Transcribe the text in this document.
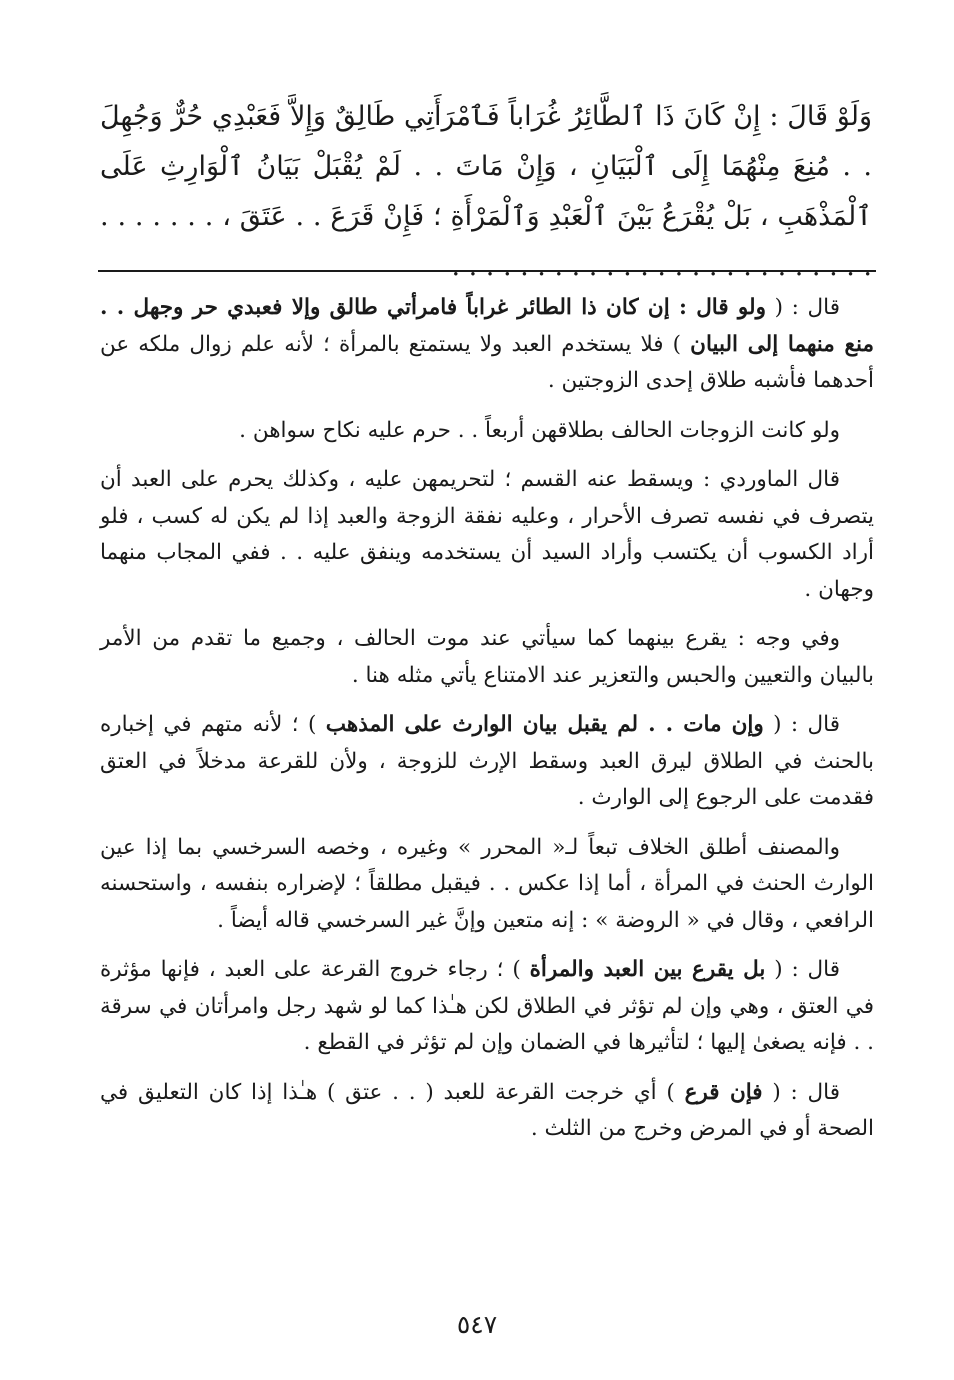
وَلَوْ قَالَ : إِنْ كَانَ ذَا ٱلطَّائِرُ غُرَاباً فَٱمْرَأَتِي طَالِقٌ وَإِلاَّ فَعَبْدِي حُرٌّ وَجُهِلَ . . مُنِعَ مِنْهُمَا إِلَى ٱلْبَيَانِ ، وَإِنْ مَاتَ . . لَمْ يُقْبَلْ بَيَانُ ٱلْوَارِثِ عَلَى ٱلْمَذْهَبِ ، بَلْ يُقْرَعُ بَيْنَ ٱلْعَبْدِ وَٱلْمَرْأَةِ ؛ فَإِنْ قَرَعَ . . عَتَقَ ، . . . . . . . . . . . . . . . . . . . . . . . . . . . . . . . .

قال : ( ولو قال : إن كان ذا الطائر غراباً فامرأتي طالق وإلا فعبدي حر وجهل . . منع منهما إلى البيان ) فلا يستخدم العبد ولا يستمتع بالمرأة ؛ لأنه علم زوال ملكه عن أحدهما فأشبه طلاق إحدى الزوجتين .

ولو كانت الزوجات الحالف بطلاقهن أربعاً . . حرم عليه نكاح سواهن .

قال الماوردي : ويسقط عنه القسم ؛ لتحريمهن عليه ، وكذلك يحرم على العبد أن يتصرف في نفسه تصرف الأحرار ، وعليه نفقة الزوجة والعبد إذا لم يكن له كسب ، فلو أراد الكسوب أن يكتسب وأراد السيد أن يستخدمه وينفق عليه . . ففي المجاب منهما وجهان .

وفي وجه : يقرع بينهما كما سيأتي عند موت الحالف ، وجميع ما تقدم من الأمر بالبيان والتعيين والحبس والتعزير عند الامتناع يأتي مثله هنا .

قال : ( وإن مات . . لم يقبل بيان الوارث على المذهب ) ؛ لأنه متهم في إخباره بالحنث في الطلاق ليرق العبد وسقط الإرث للزوجة ، ولأن للقرعة مدخلاً في العتق فقدمت على الرجوع إلى الوارث .

والمصنف أطلق الخلاف تبعاً لـ« المحرر » وغيره ، وخصه السرخسي بما إذا عين الوارث الحنث في المرأة ، أما إذا عكس . . فيقبل مطلقاً ؛ لإضراره بنفسه ، واستحسنه الرافعي ، وقال في « الروضة » : إنه متعين وإنَّ غير السرخسي قاله أيضاً .

قال : ( بل يقرع بين العبد والمرأة ) ؛ رجاء خروج القرعة على العبد ، فإنها مؤثرة في العتق ، وهي وإن لم تؤثر في الطلاق لكن هـٰذا كما لو شهد رجل وامرأتان في سرقة . . فإنه يصغىٰ إليها ؛ لتأثيرها في الضمان وإن لم تؤثر في القطع .

قال : ( فإن قرع ) أي خرجت القرعة للعبد ( . . عتق ) هـٰذا إذا كان التعليق في الصحة أو في المرض وخرج من الثلث .

٥٤٧
